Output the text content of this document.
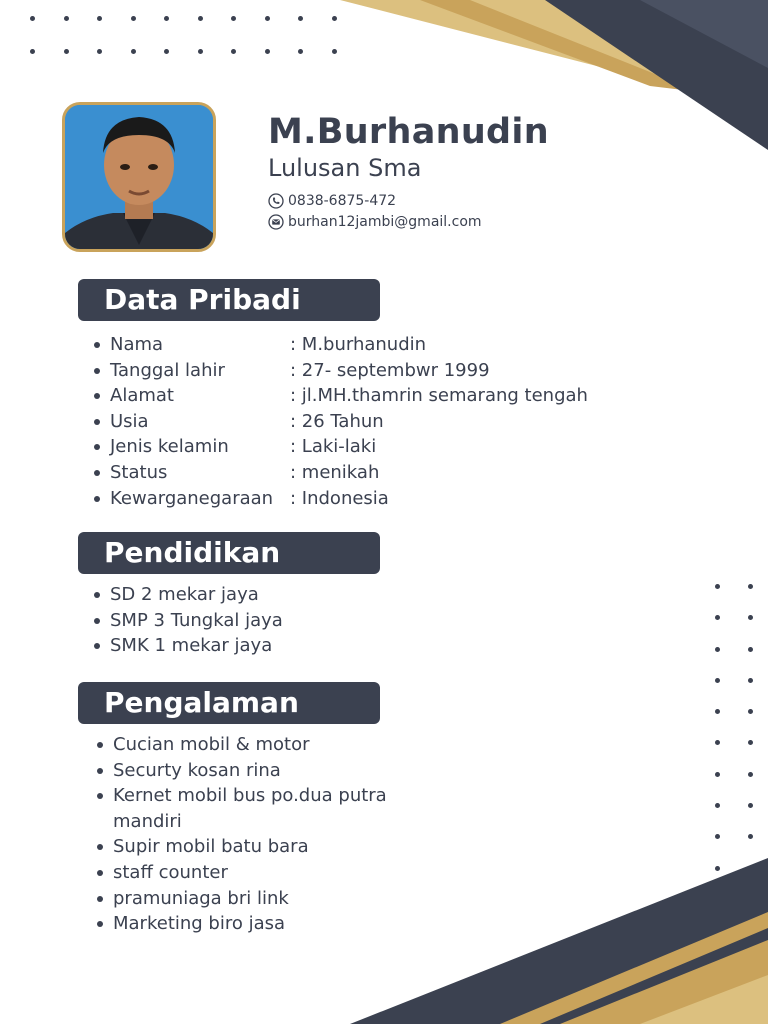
M.Burhanudin

Lulusan Sma

0838-6875-472
burhan12jambi@gmail.com
Data Pribadi
Nama	: M.burhanudin
Tanggal lahir	: 27- septembwr 1999
Alamat	: jl.MH.thamrin semarang tengah
Usia	: 26 Tahun
Jenis kelamin	: Laki-laki
Status	: menikah
Kewarganegaraan : Indonesia
Pendidikan
SD 2 mekar jaya
SMP 3 Tungkal jaya
SMK 1 mekar jaya
Pengalaman
Cucian mobil & motor
Securty kosan rina
Kernet mobil bus po.dua putra mandiri
Supir mobil batu bara
staff counter
pramuniaga bri link
Marketing biro jasa
